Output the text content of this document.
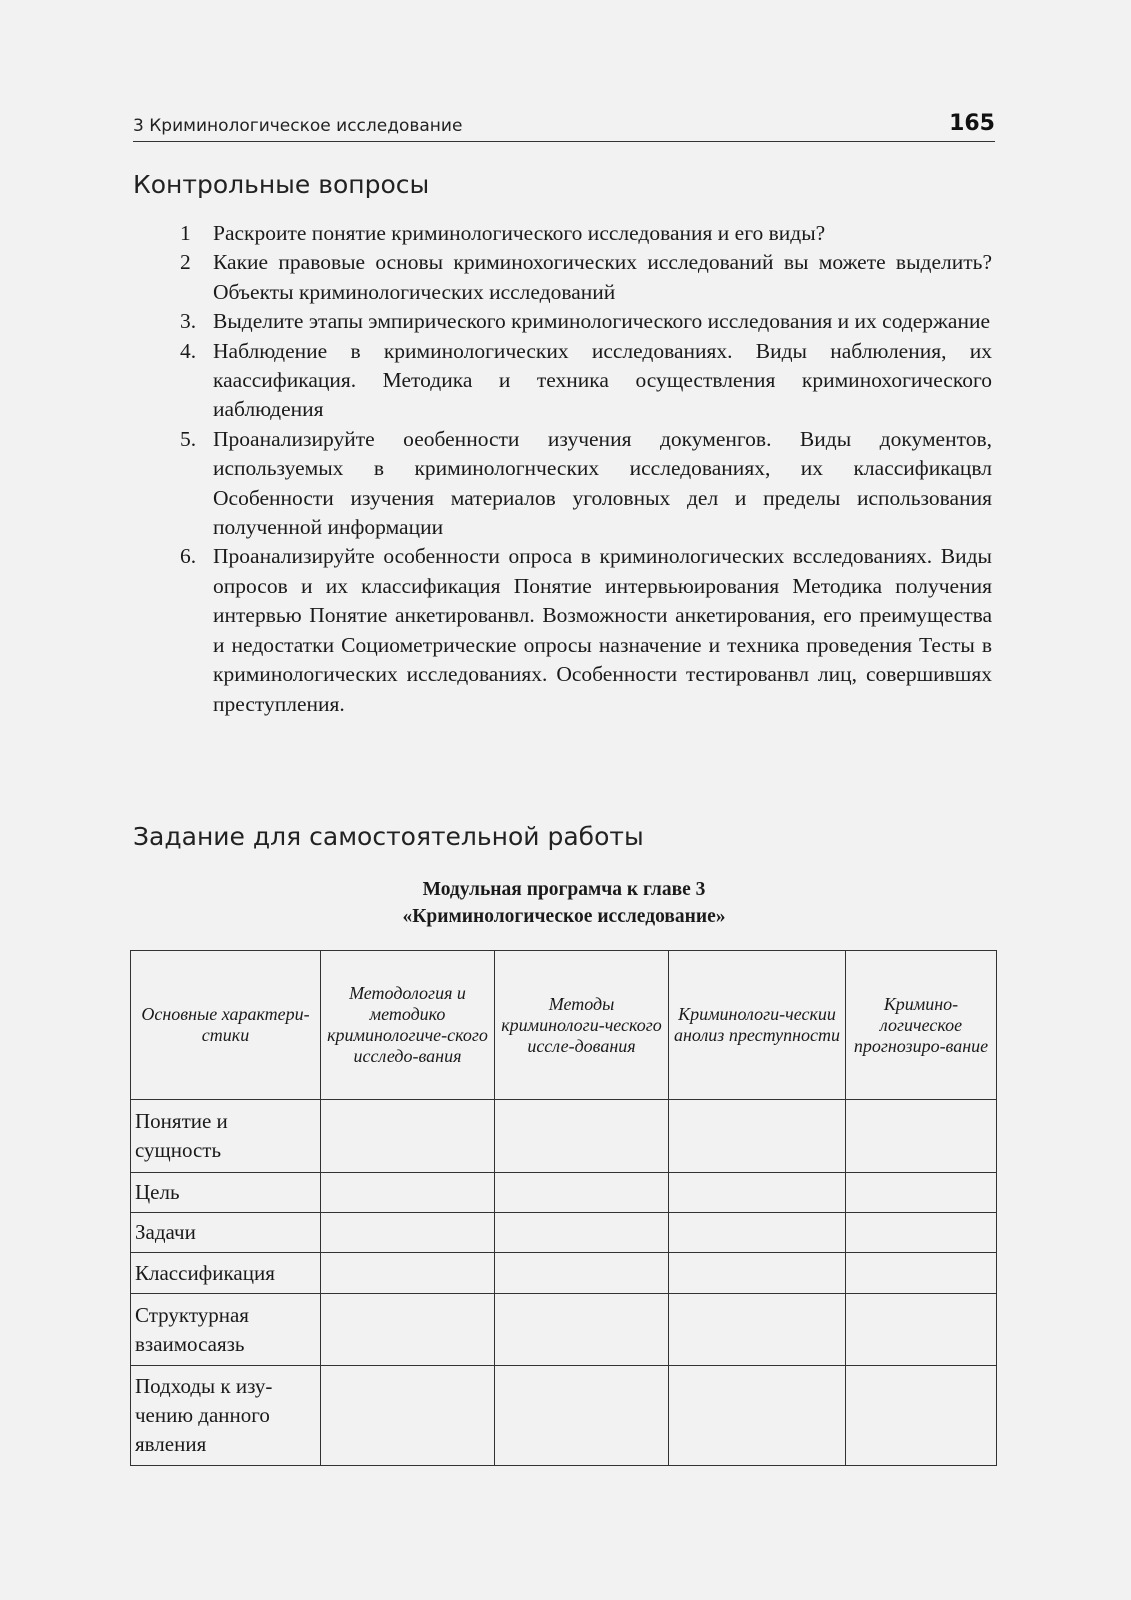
3 Криминологическое исследование	165
Контрольные вопросы
1 Раскроите понятие криминологического исследования и его виды?
2 Какие правовые основы криминохогических исследований вы можете выделить? Объекты криминологических исследований
3. Выделите этапы эмпирического криминологического исследования и их содержание
4. Наблюдение в криминологических исследованиях. Виды наблюления, их каассификация. Методика и техника осуществления криминохогического иаблюдения
5. Проанализируйте оеобенности изучения докуменгов. Виды документов, используемых в криминологнческих исследованиях, их классификацвл Особенности изучения материалов уголовных дел и пределы использования полученной информации
6. Проанализируйте особенности опроса в криминологических всследованиях. Виды опросов и их классификация Понятие интервьюирования Методика получения интервью Понятие анкетированвл. Возможности анкетирования, его преимущества и недостатки Социометрические опросы назначение и техника проведения Тесты в криминологических исследованиях. Особенности тестированвл лиц, совершившях преступления.
Задание для самостоятельной работы
Модульная програмча к главе 3
«Криминологическое исследование»
Основные характери-стики	Методология и методико криминологиче-ского исследо-вания	Методы криминологи-ческого иссле-дования	Криминологи-ческии анолиз преступности	Кримино-логическое прогнозиро-вание
Понятие и сущность				
Цель				
Задачи				
Классификация				
Структурная взаимосаязь				
Подходы к изу-чению данного явления				
